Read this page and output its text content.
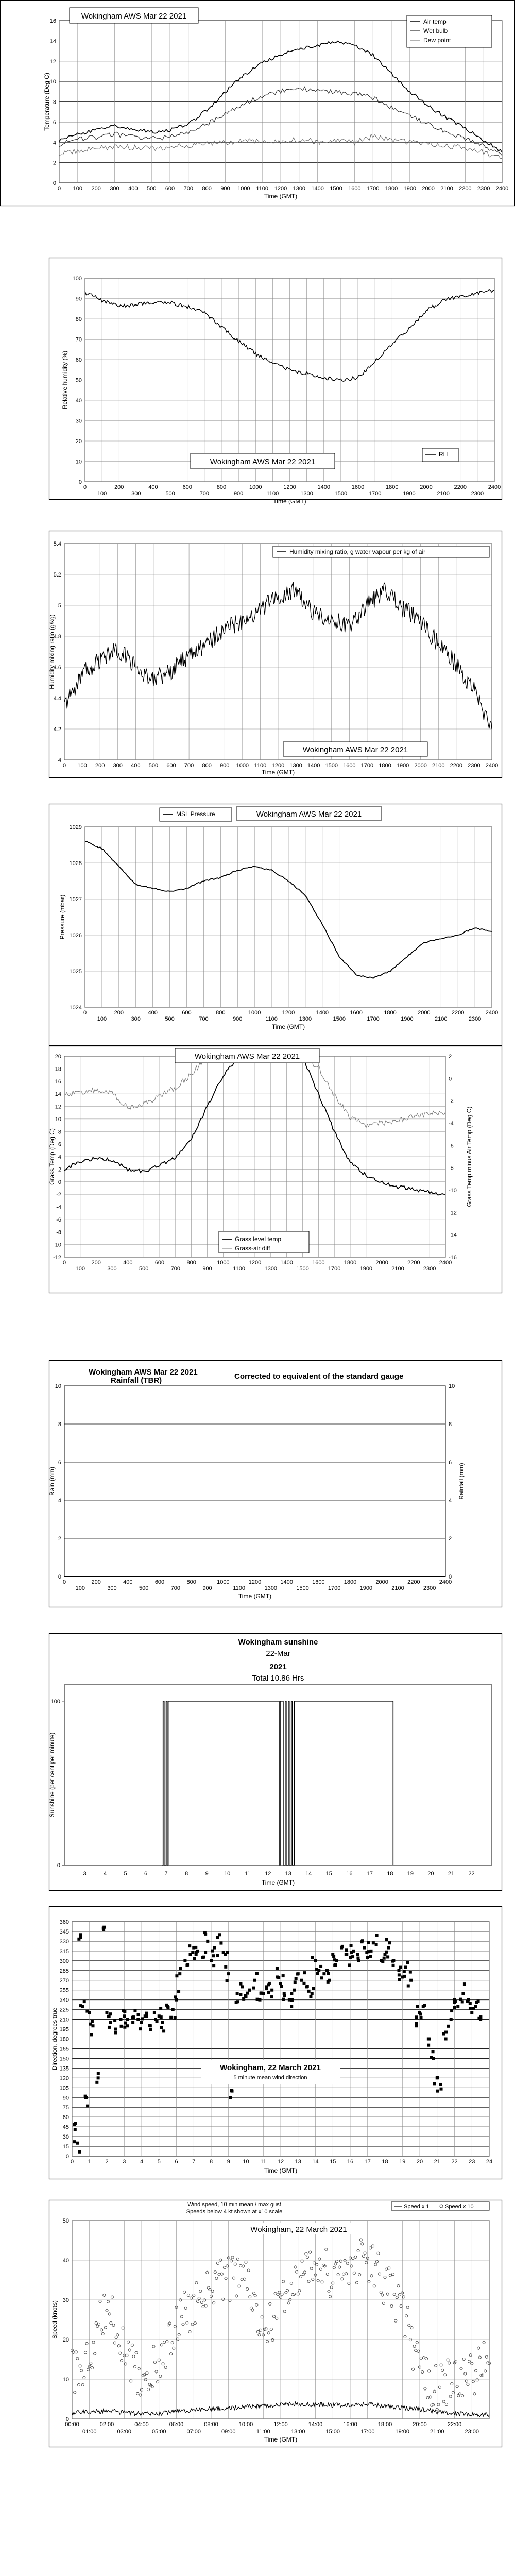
0
2
4
6
8
10
12
14
16
0 100 200 300 400 500 600 700 800 900 1000 1100 1200 1300 1400 1500 1600 1700 1800 1900 2000 2100 2200 2300 2400
Wokingham AWS Mar 22 2021
Air temp
Wet bulb
Dew point
Temperature (Deg C)
Time (GMT)
0
10
20
30
40
50
60
70
80
90
100
0
100
200
300
400
500
600
700
800
900
1000
1100
1200
1300
1400
1500
1600
1700
1800
1900
2000
2100
2200
2300
2400
Wokingham AWS Mar 22 2021
RH
Relative humidity (%)
Time (GMT)
4
4.2
4.4
4.6
4.8
5
5.2
5.4
0 100 200 300 400 500 600 700 800 900 1000 1100 1200 1300 1400 1500 1600 1700 1800 1900 2000 2100 2200 2300 2400
Humidity mixing ratio, g water vapour per kg of air
Wokingham AWS Mar 22 2021
Humidity mixing ratio (g/kg)
Time (GMT)
1024
1025
1026
1027
1028
1029
0
100
200
300
400
500
600
700
800
900
1000
1100
1200
1300
1400
1500
1600
1700
1800
1900
2000
2100
2200
2300
2400
MSL Pressure	Wokingham AWS Mar 22 2021
Pressure (mbar)
Time (GMT)
-12
-10
-8
-6
-4
-2
0
2
4
6
8
10
12
14
16
18
20
-16
-14
-12
-10
-8
-6
-4
-2
0
2
0
100
200
300
400
500
600
700
800
900
1000
1100
1200
1300
1400
1500
1600
1700
1800
1900
2000
2100
2200
2300
2400
Wokingham AWS Mar 22 2021
Grass level temp
Grass-air diff
Grass Temp (Deg C)	Grass Temp minus Air Temp (Deg C)
0
2
4
6
8
10
0
2
4
6
8
10
0
100
200
300
400
500
600
700
800
900
1000
1100
1200
1300
1400
1500
1600
1700
1800
1900
2000
2100
2200
2300
2400
Wokingham AWS Mar 22 2021
Rainfall (TBR)	Corrected to equivalent of the standard gauge
Rain (mm)	Rainfall (mm)
Time (GMT)
0
100
3	4	5	6	7	8	9	10	11	12 13 14 15 16 17 18 19 20 21 22
Wokingham sunshine
22-Mar
2021
Total 10.86 Hrs
Sunshine (per cent per minute)
Time (GMT)
0
15
30
45
60
75
90
105
120
135
150
165
180
195
210
225
240
255
270
285
300
315
330
345
360
0	1	2	3	4	5	6	7	8	9 10 11 12 13 14 15 16 17 18 19 20 21 22 23 24
Wokingham, 22 March 2021
5 minute mean wind direction
Direction, degrees true
Time (GMT)
0
10
20
30
40
50
00:00	02:00	04:00	06:00	08:00	10:00	12:00	14:00	16:00	18:00	20:00	22:00
01:00	03:00	05:00	07:00	09:00	11:00	13:00	15:00	17:00	19:00	21:00	23:00
Wind speed, 10 min mean / max gust
Speeds below 4 kt shown at x10 scale
Speed x 1	Speed x 10
Wokingham, 22 March 2021
Speed (knots)
Time (GMT)
